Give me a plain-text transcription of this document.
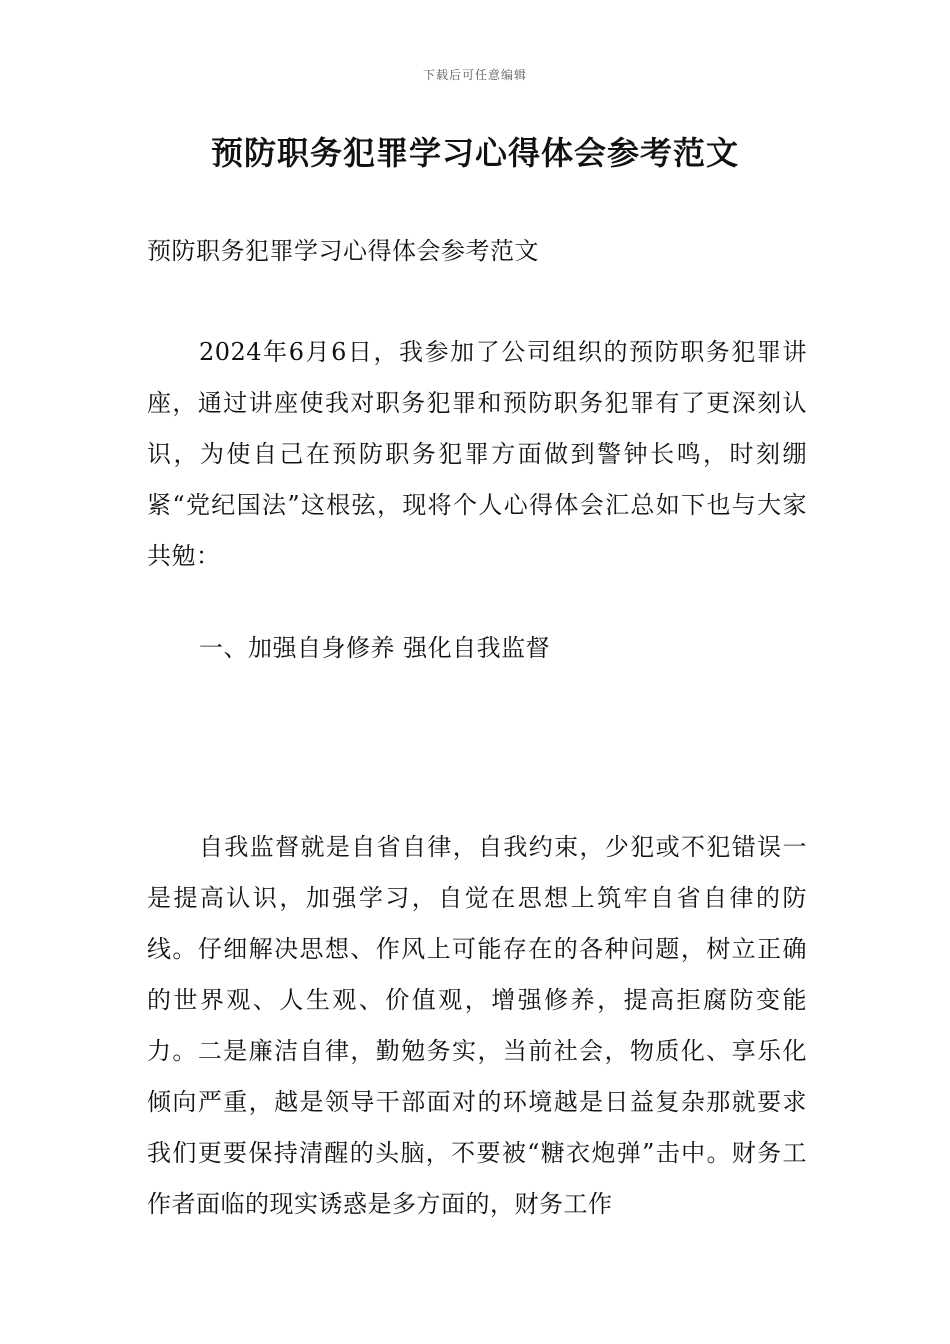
下载后可任意编辑
预防职务犯罪学习心得体会参考范文

预防职务犯罪学习心得体会参考范文

2024年6月6日，我参加了公司组织的预防职务犯罪讲座，通过讲座使我对职务犯罪和预防职务犯罪有了更深刻认识，为使自己在预防职务犯罪方面做到警钟长鸣，时刻绷紧“党纪国法”这根弦，现将个人心得体会汇总如下也与大家共勉：

一、加强自身修养 强化自我监督

自我监督就是自省自律，自我约束，少犯或不犯错误一是提高认识，加强学习，自觉在思想上筑牢自省自律的防线。仔细解决思想、作风上可能存在的各种问题，树立正确的世界观、人生观、价值观，增强修养，提高拒腐防变能力。二是廉洁自律，勤勉务实，当前社会，物质化、享乐化倾向严重，越是领导干部面对的环境越是日益复杂那就要求我们更要保持清醒的头脑，不要被“糖衣炮弹”击中。财务工作者面临的现实诱惑是多方面的，财务工作
